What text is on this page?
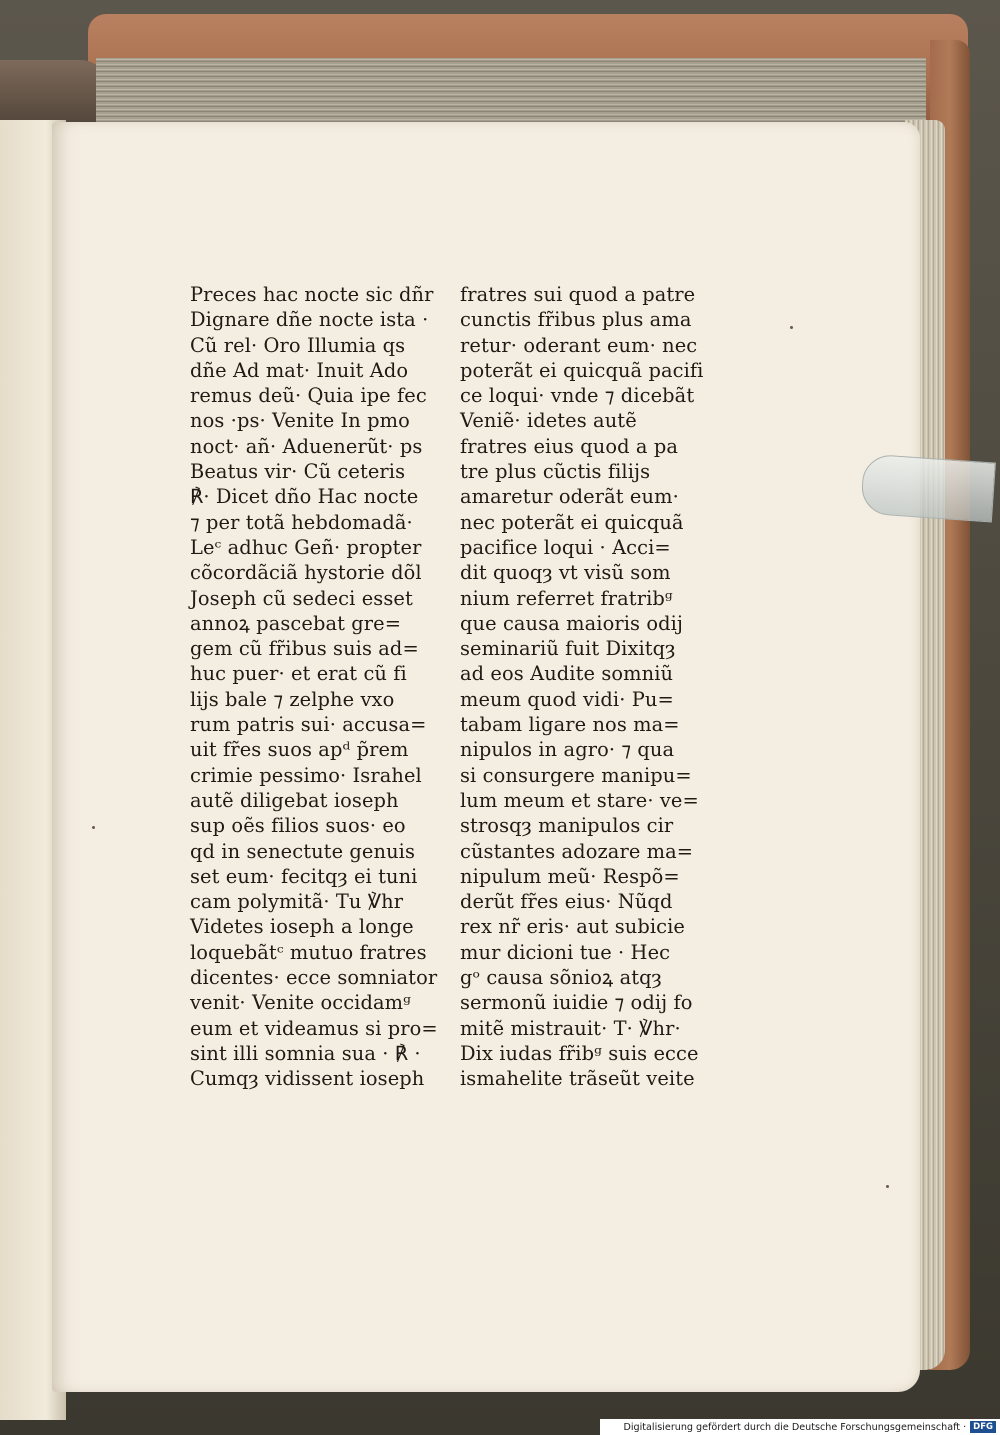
Preces hac nocte sic dñr
Dignare dñe nocte ista ·
Cũ rel· Oro Illumia qs
dñe Ad mat· Inuit Ado
remus deũ· Quia ipe fec
nos ·ps· Venite In pmo
noct· añ· Aduenerũt· ps
Beatus vir· Cũ ceteris
℟· Dicet dño Hac nocte
⁊ per totã hebdomadã·
Leᶜ adhuc Geñ· propter
cõcordãciã hystorie dõl
Joseph cũ sedeci esset
annoꝝ pascebat gre=
gem cũ fr̃ibus suis ad=
huc puer· et erat cũ fi
lijs bale ⁊ zelphe vxo
rum patris sui· accusa=
uit fr̃es suos apᵈ p̃rem
crimie pessimo· Israhel
autẽ diligebat ioseph
sup oẽs filios suos· eo
qd in senectute genuis
set eum· fecitqȝ ei tuni
cam polymitã· Tu ℣hr
Videtes ioseph a longe
loquebãtᶜ mutuo fratres
dicentes· ecce somniator
venit· Venite occidamᵍ
eum et videamus si pro=
sint illi somnia sua · ℟ ·
Cumqȝ vidissent ioseph
fratres sui quod a patre
cunctis fr̃ibus plus ama
retur· oderant eum· nec
poterãt ei quicquã pacifi
ce loqui· vnde ⁊ dicebãt
Veniẽ· idetes autẽ
fratres eius quod a pa
tre plus cũctis filijs
amaretur oderãt eum·
nec poterãt ei quicquã
pacifice loqui · Acci=
dit quoqȝ vt visũ som
nium referret fratribᵍ
que causa maioris odij
seminariũ fuit Dixitqȝ
ad eos Audite somniũ
meum quod vidi· Pu=
tabam ligare nos ma=
nipulos in agro· ⁊ qua
si consurgere manipu=
lum meum et stare· ve=
strosqȝ manipulos cir
cũstantes adozare ma=
nipulum meũ· Respõ=
derũt fr̃es eius· Nũqd
rex nr̃ eris· aut subicie
mur dicioni tue · Hec
gᵒ causa sõnioꝝ atqȝ
sermonũ iuidie ⁊ odij fo
mitẽ mistrauit· T· ℣hr·
Dix iudas fr̃ibᵍ suis ecce
ismahelite trãseũt veite
Digitalisierung gefördert durch die Deutsche Forschungsgemeinschaft · DFG
